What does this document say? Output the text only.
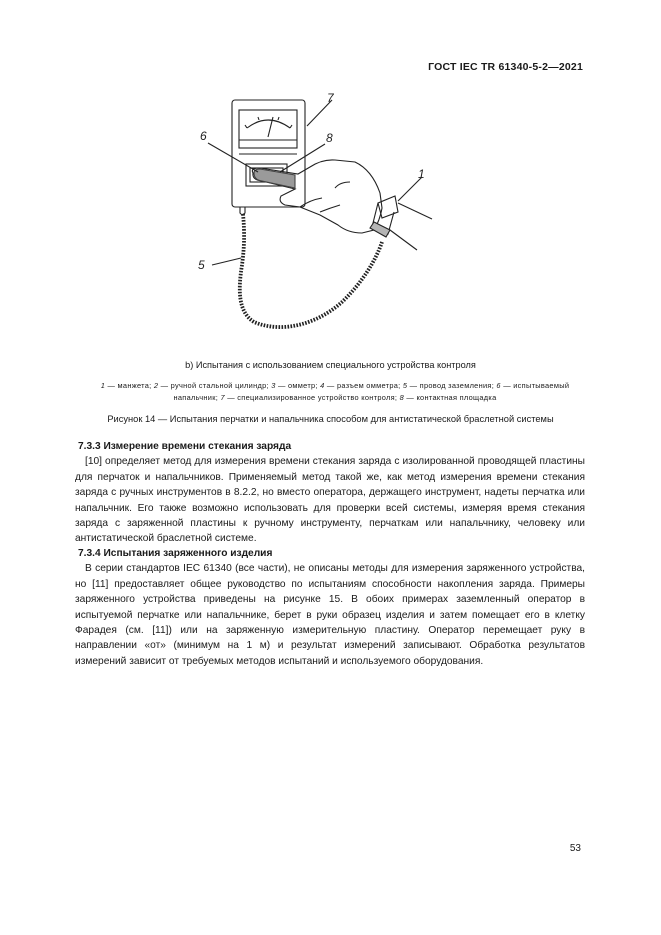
ГОСТ IEC TR 61340-5-2—2021
7
6	8
1
5
b) Испытания с использованием специального устройства контроля
1 — манжета; 2 — ручной стальной цилиндр; 3 — омметр; 4 — разъем омметра; 5 — провод заземления; 6 — испытываемый
напальчник; 7 — специализированное устройство контроля; 8 — контактная площадка
Рисунок 14 — Испытания перчатки и напальчника способом для антистатической браслетной системы
7.3.3 Измерение времени стекания заряда
[10] определяет метод для измерения времени стекания заряда с изолированной проводящей пластины для перчаток и напальчников. Применяемый метод такой же, как метод измерения времени стекания заряда с ручных инструментов в 8.2.2, но вместо оператора, держащего инструмент, надеты перчатка или напальчник. Его также возможно использовать для проверки всей системы, измеряя время стекания заряда с заряженной пластины к ручному инструменту, перчаткам или напальчнику, человеку или антистатической браслетной системе.
7.3.4 Испытания заряженного изделия
В серии стандартов IEC 61340 (все части), не описаны методы для измерения заряженного устройства, но [11] предоставляет общее руководство по испытаниям способности накопления заряда. Примеры заряженного устройства приведены на рисунке 15. В обоих примерах заземленный оператор в испытуемой перчатке или напальчнике, берет в руки образец изделия и затем помещает его в клетку Фарадея (см. [11]) или на заряженную измерительную пластину. Оператор перемещает руку в направлении «от» (минимум на 1 м) и результат измерений записывают. Обработка результатов измерений зависит от требуемых методов испытаний и используемого оборудования.
53
